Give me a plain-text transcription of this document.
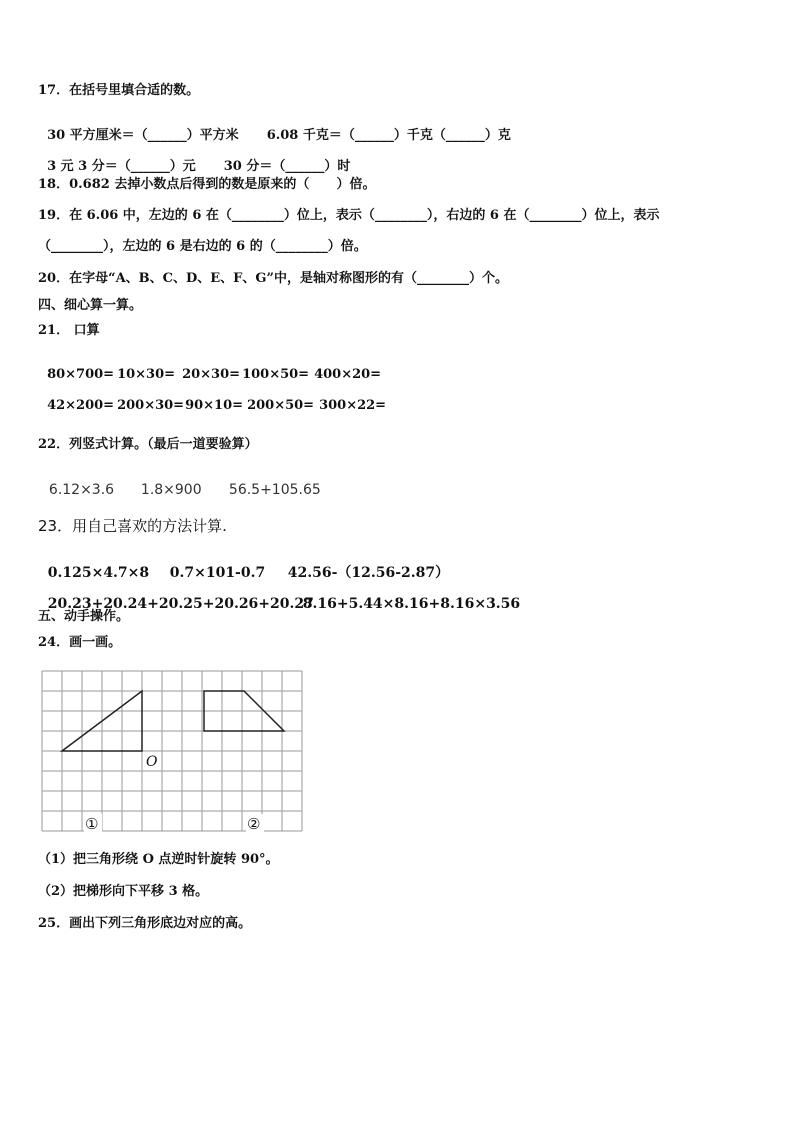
17．在括号里填合适的数。

30 平方厘米＝（______）平方米 6.08 千克＝（______）千克（______）克

3 元 3 分＝（______）元 30 分＝（______）时

18．0.682 去掉小数点后得到的数是原来的（      ）倍。
19．在 6.06 中，左边的 6 在（________）位上，表示（________），右边的 6 在（________）位上，表示
（________），左边的 6 是右边的 6 的（________）倍。
20．在字母“A、B、C、D、E、F、G”中，是轴对称图形的有（________）个。
四、细心算一算。
21． 口算

80×700= 10×30= 20×30= 100×50= 400×20=

42×200= 200×30=90×10= 200×50= 300×22=

22．列竖式计算。（最后一道要验算）

6.12×3.6 1.8×900 56.5+105.65

23．用自己喜欢的方法计算.

0.125×4.7×8 0.7×101-0.7 42.56-（12.56-2.87）

20.23+20.24+20.25+20.26+20.278.16+5.44×8.16+8.16×3.56

五、动手操作。
24．画一画。
O
①	②
（1）把三角形绕 O 点逆时针旋转 90°。
（2）把梯形向下平移 3 格。
25．画出下列三角形底边对应的高。
